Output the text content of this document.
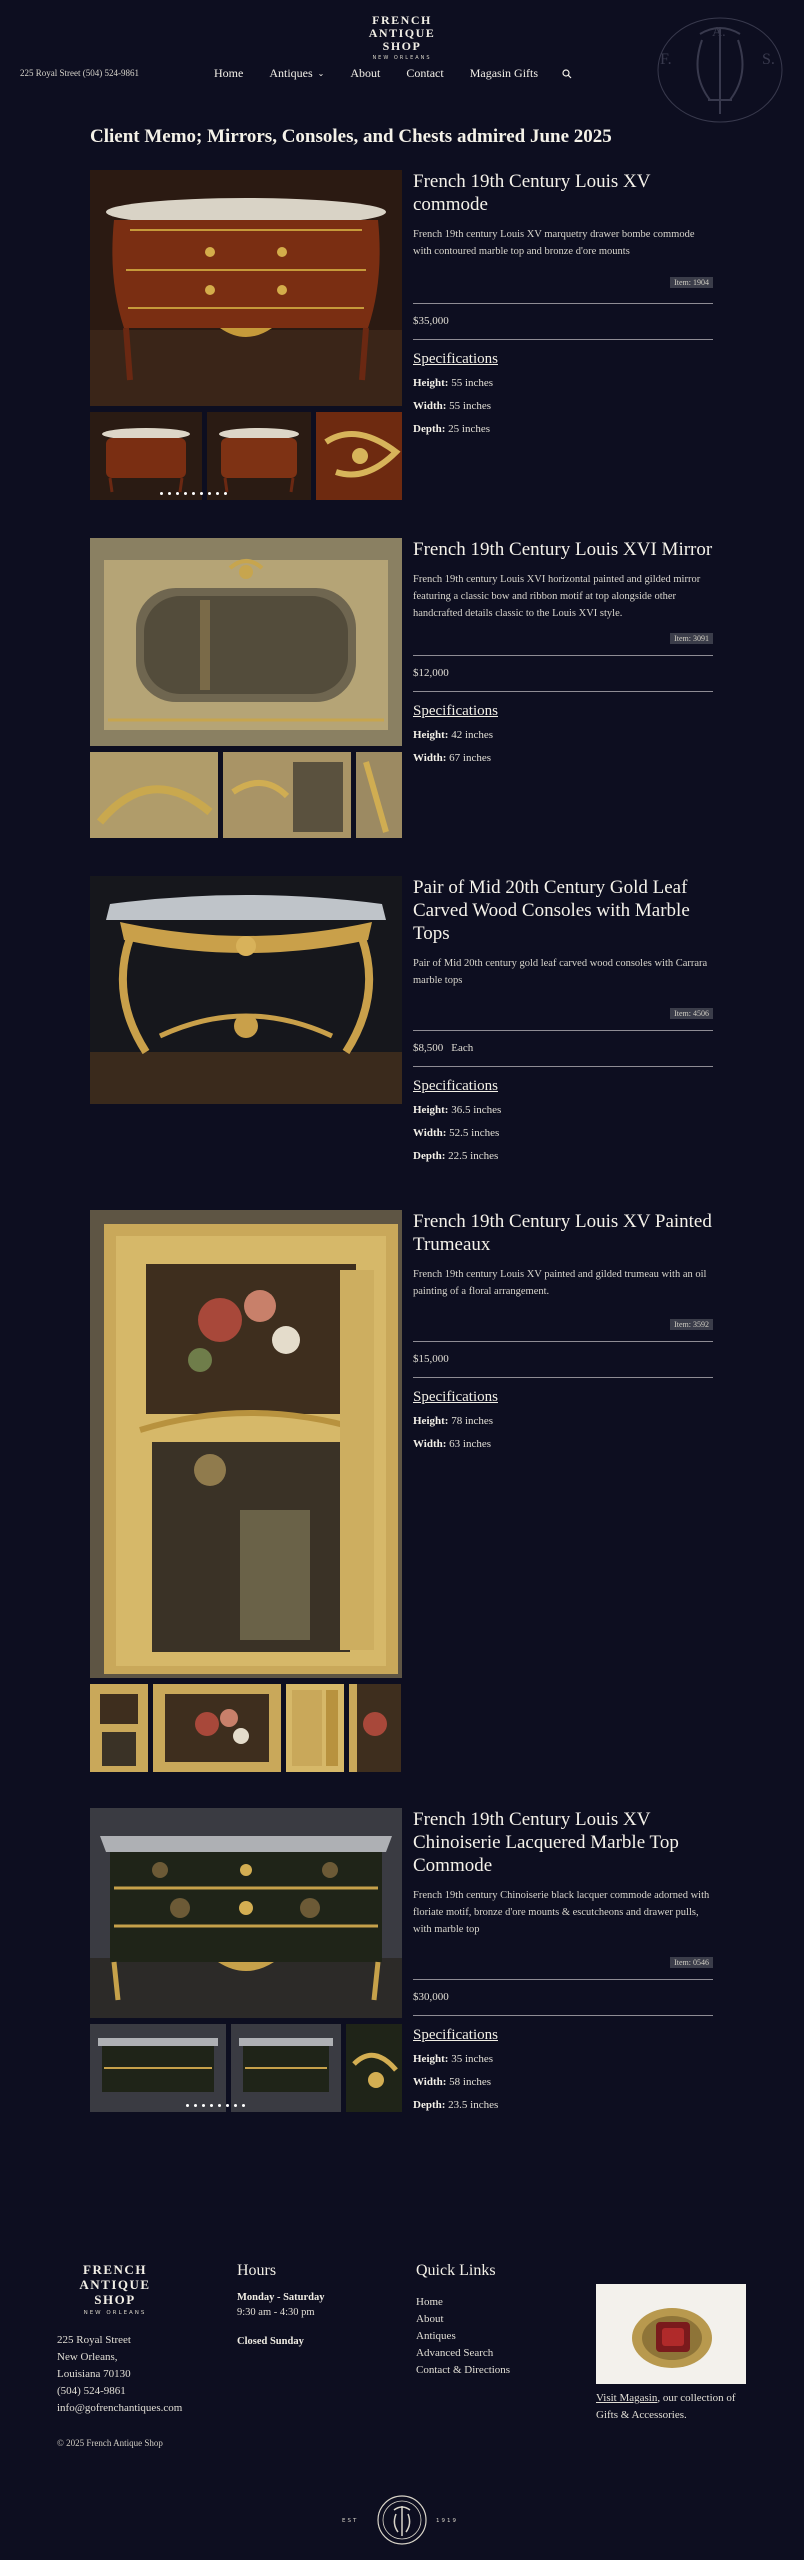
FRENCH
ANTIQUE SHOP
NEW ORLEANS
225 Royal Street (504) 524-9861	Home Antiques ⌄ About Contact Magasin Gifts
F.
A.
S.
Client Memo; Mirrors, Consoles, and Chests admired June 2025
French 19th Century Louis XV commode
French 19th century Louis XV marquetry drawer bombe commode with contoured marble top and bronze d'ore mounts
Item: 1904
$35,000
Specifications
Height: 55 inches
Width: 55 inches
Depth: 25 inches
French 19th Century Louis XVI Mirror
French 19th century Louis XVI horizontal painted and gilded mirror featuring a classic bow and ribbon motif at top alongside other handcrafted details classic to the Louis XVI style.
Item: 3091
$12,000
Specifications
Height: 42 inches
Width: 67 inches
Pair of Mid 20th Century Gold Leaf Carved Wood Consoles with Marble Tops
Pair of Mid 20th century gold leaf carved wood consoles with Carrara marble tops
Item: 4506
$8,500 Each
Specifications
Height: 36.5 inches
Width: 52.5 inches
Depth: 22.5 inches
French 19th Century Louis XV Painted Trumeaux
French 19th century Louis XV painted and gilded trumeau with an oil painting of a floral arrangement.
Item: 3592
$15,000
Specifications
Height: 78 inches
Width: 63 inches
French 19th Century Louis XV Chinoiserie Lacquered Marble Top Commode
French 19th century Chinoiserie black lacquer commode adorned with floriate motif, bronze d'ore mounts & escutcheons and drawer pulls, with marble top
Item: 0546
$30,000
Specifications
Height: 35 inches
Width: 58 inches
Depth: 23.5 inches
FRENCH
ANTIQUE SHOP
NEW ORLEANS
225 Royal Street
New Orleans,
Louisiana 70130
(504) 524-9861
info@gofrenchantiques.com
© 2025 French Antique Shop
Hours
Monday - Saturday
9:30 am - 4:30 pm
Closed Sunday
Quick Links
Home
About
Antiques
Advanced Search
Contact & Directions
Visit Magasin, our collection of Gifts & Accessories.
EST	1919
